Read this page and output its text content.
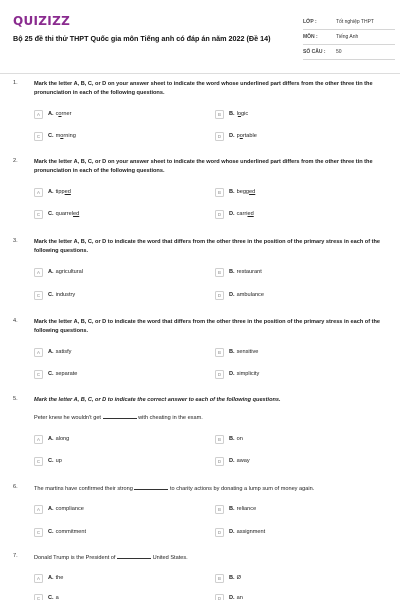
QUIZIZZ
Bộ 25 đề thi thử THPT Quốc gia môn Tiếng anh có đáp án năm 2022 (Đề 14)
LỚP :	Tốt nghiệp THPT
MÔN :	Tiếng Anh
SỐ CÂU :	50
1.	Mark the letter A, B, C, or D on your answer sheet to indicate the word whose underlined part differs from the other three tin the pronunciation in each of the following questions.
A	A. corner	B	B. logic
C	C. morning	D	D. portable
2.	Mark the letter A, B, C, or D on your answer sheet to indicate the word whose underlined part differs from the other three tin the pronunciation in each of the following questions.
A	A. tipped	B	B. begged
C	C. quarreled	D	D. carried
3.	Mark the letter A, B, C, or D to indicate the word that differs from the other three in the position of the primary stress in each of the following questions.
A	A. agricultural	B	B. restaurant
C	C. industry	D	D. ambulance
4.	Mark the letter A, B, C, or D to indicate the word that differs from the other three in the position of the primary stress in each of the following questions.
A	A. satisfy	B	B. sensitive
C	C. separate	D	D. simplicity
5.	Mark the letter A, B, C, or D to indicate the correct answer to each of the following questions.
Peter knew he wouldn't get	with cheating in the exam.
A	A. along	B	B. on
C	C. up	D	D. away
6.	The martins have confirmed their strong	to charity actions by donating a lump sum of money again.
A	A. compliance	B	B. reliance
C	C. commitment	D	D. assignment
7.	Donald Trump is the President of	United States.
A	A. the	B	B. Ø
C	C. a	D	D. an
